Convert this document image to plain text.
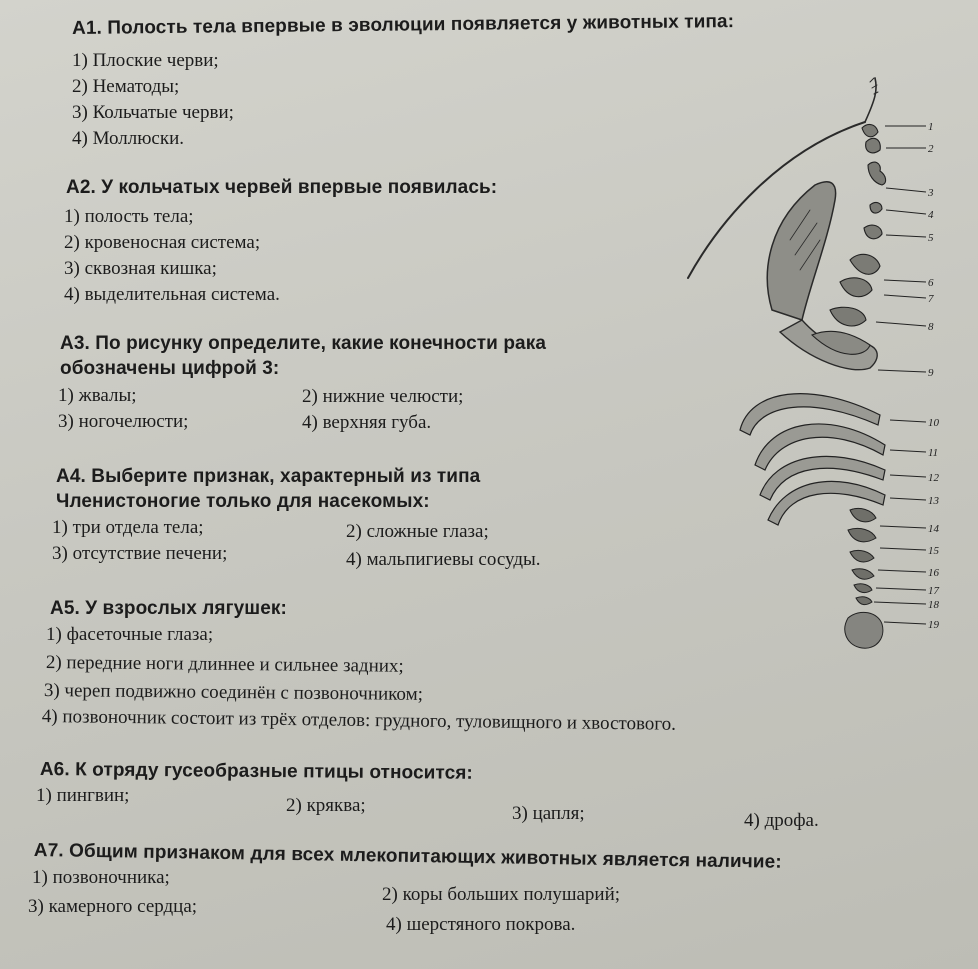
А1. Полость тела впервые в эволюции появляется у животных типа:
1) Плоские черви;
2) Нематоды;
3) Кольчатые черви;
4) Моллюски.
А2. У кольчатых червей впервые появилась:
1) полость тела;
2) кровеносная система;
3) сквозная кишка;
4) выделительная система.
А3. По рисунку определите, какие конечности рака
обозначены цифрой 3:
1) жвалы;	2) нижние челюсти;
3) ногочелюсти;	4) верхняя губа.
А4. Выберите признак, характерный из типа
Членистоногие только для насекомых:
1) три отдела тела;	2) сложные глаза;
3) отсутствие печени;	4) мальпигиевы сосуды.
А5. У взрослых лягушек:
1) фасеточные глаза;
2) передние ноги длиннее и сильнее задних;
3) череп подвижно соединён с позвоночником;
4) позвоночник состоит из трёх отделов: грудного, туловищного и хвостового.
А6. К отряду гусеобразные птицы относится:
1) пингвин;	2) кряква;	3) цапля;	4) дрофа.
А7. Общим признаком для всех млекопитающих животных является наличие:
1) позвоночника;
2) коры больших полушарий;
3) камерного сердца;
4) шерстяного покрова.
1
2
3
4
5
6
7
8
9
10
11
12
13
14
15
16
17
18
19
